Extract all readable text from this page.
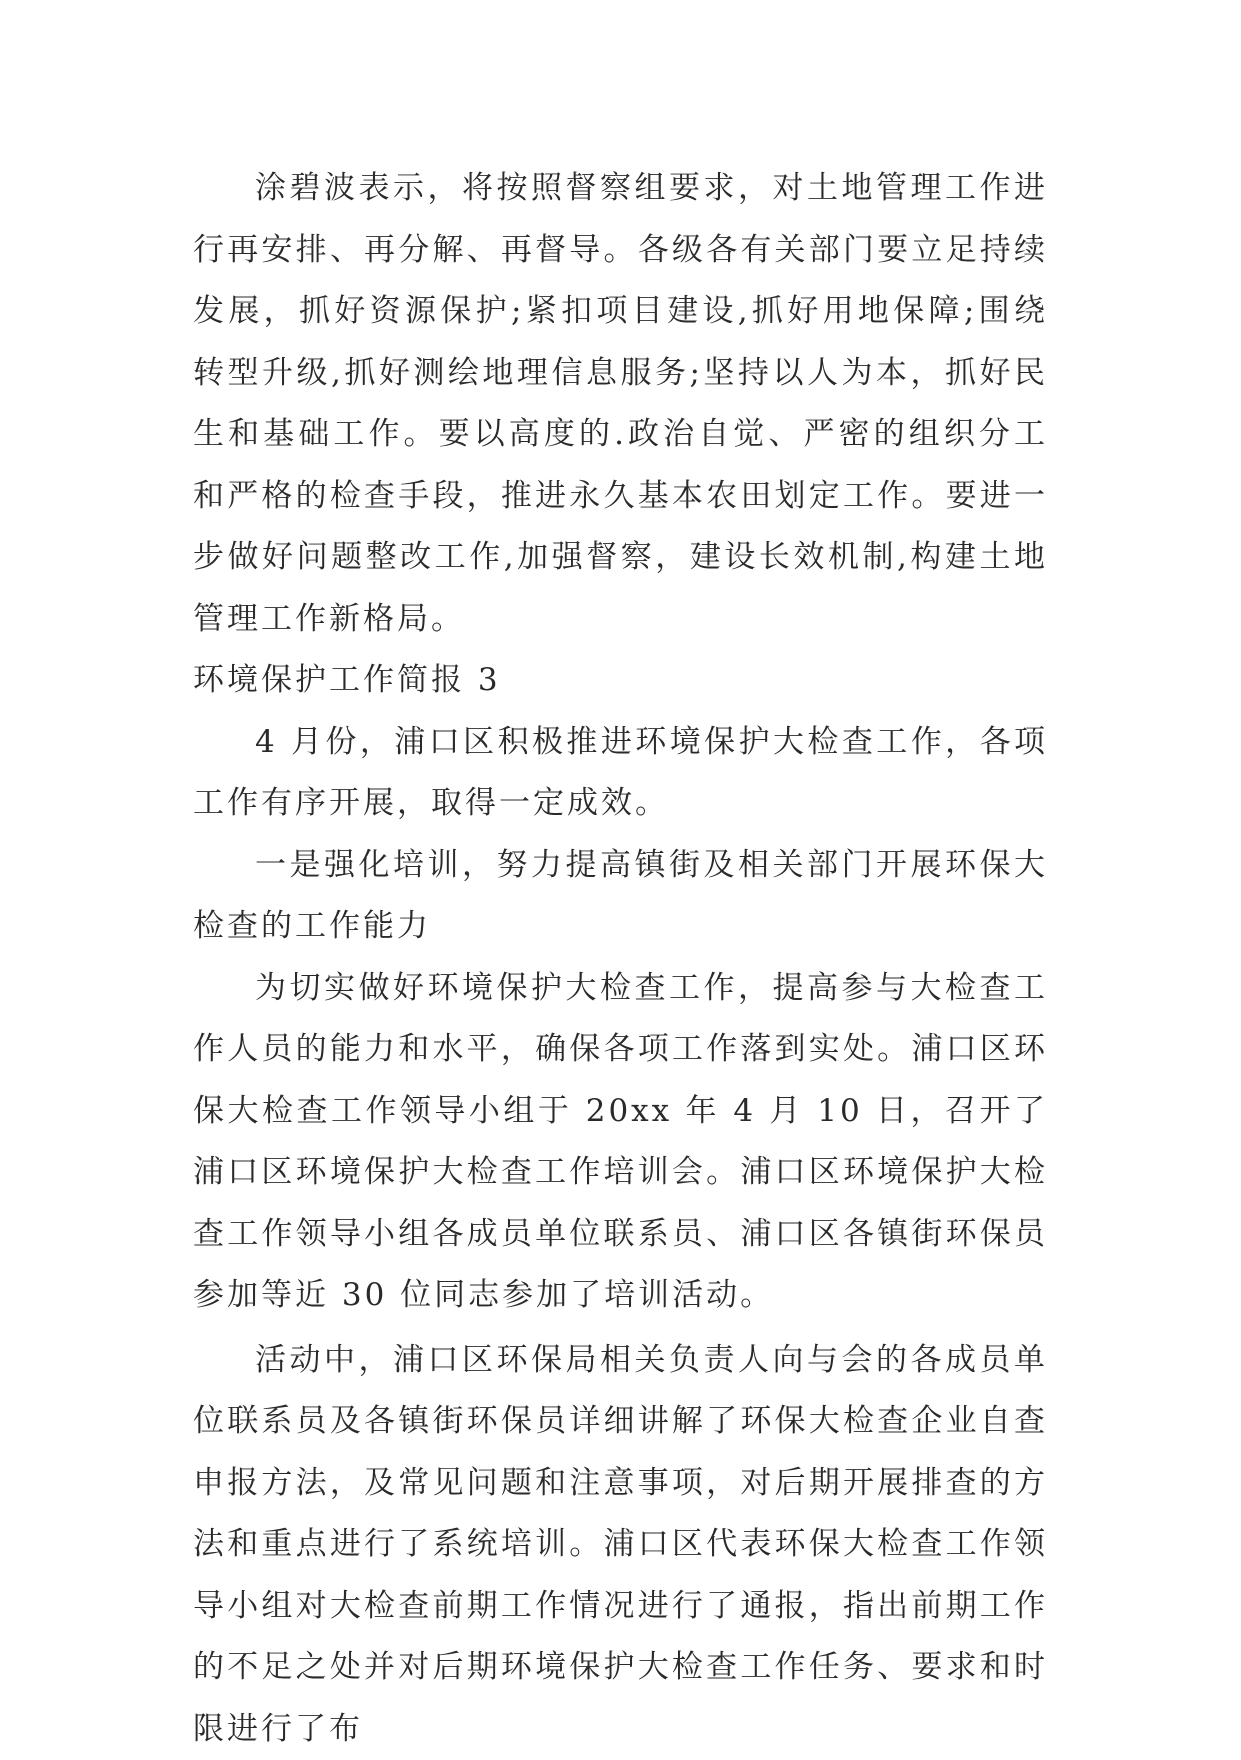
涂碧波表示，将按照督察组要求，对土地管理工作进行再安排、再分解、再督导。各级各有关部门要立足持续发展，抓好资源保护;紧扣项目建设,抓好用地保障;围绕转型升级,抓好测绘地理信息服务;坚持以人为本，抓好民生和基础工作。要以高度的.政治自觉、严密的组织分工和严格的检查手段，推进永久基本农田划定工作。要进一步做好问题整改工作,加强督察，建设长效机制,构建土地管理工作新格局。

环境保护工作简报 3

4 月份，浦口区积极推进环境保护大检查工作，各项工作有序开展，取得一定成效。

一是强化培训，努力提高镇街及相关部门开展环保大检查的工作能力

为切实做好环境保护大检查工作，提高参与大检查工作人员的能力和水平，确保各项工作落到实处。浦口区环保大检查工作领导小组于 20xx 年 4 月 10 日，召开了浦口区环境保护大检查工作培训会。浦口区环境保护大检查工作领导小组各成员单位联系员、浦口区各镇街环保员参加等近 30 位同志参加了培训活动。

活动中，浦口区环保局相关负责人向与会的各成员单位联系员及各镇街环保员详细讲解了环保大检查企业自查申报方法，及常见问题和注意事项，对后期开展排查的方法和重点进行了系统培训。浦口区代表环保大检查工作领导小组对大检查前期工作情况进行了通报，指出前期工作的不足之处并对后期环境保护大检查工作任务、要求和时限进行了布
